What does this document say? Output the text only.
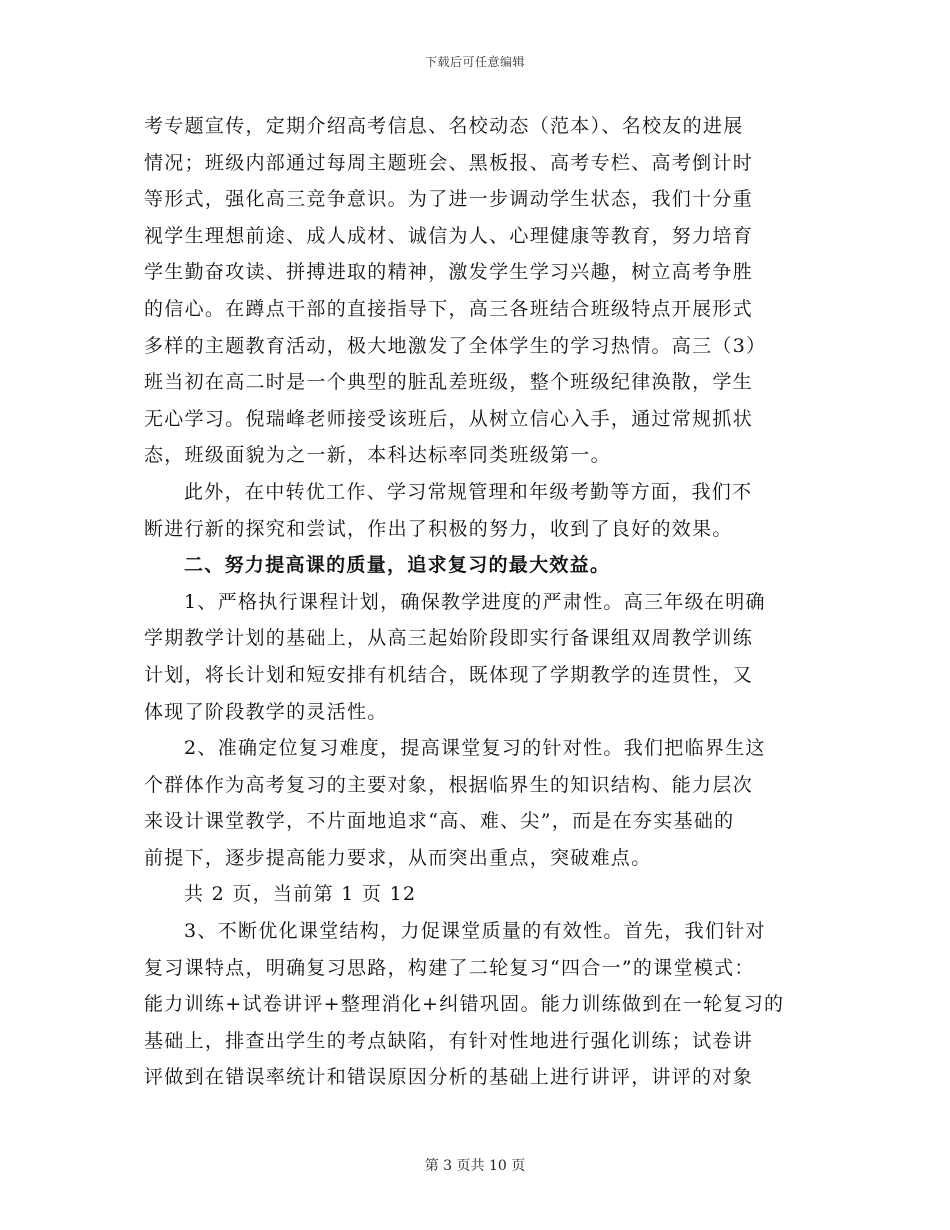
下载后可任意编辑
考专题宣传，定期介绍高考信息、名校动态（范本）、名校友的进展
情况；班级内部通过每周主题班会、黑板报、高考专栏、高考倒计时
等形式，强化高三竞争意识。为了进一步调动学生状态，我们十分重
视学生理想前途、成人成材、诚信为人、心理健康等教育，努力培育
学生勤奋攻读、拼搏进取的精神，激发学生学习兴趣，树立高考争胜
的信心。在蹲点干部的直接指导下，高三各班结合班级特点开展形式
多样的主题教育活动，极大地激发了全体学生的学习热情。高三（3）
班当初在高二时是一个典型的脏乱差班级，整个班级纪律涣散，学生
无心学习。倪瑞峰老师接受该班后，从树立信心入手，通过常规抓状
态，班级面貌为之一新，本科达标率同类班级第一。
此外，在中转优工作、学习常规管理和年级考勤等方面，我们不
断进行新的探究和尝试，作出了积极的努力，收到了良好的效果。
二、努力提高课的质量，追求复习的最大效益。
1、严格执行课程计划，确保教学进度的严肃性。高三年级在明确
学期教学计划的基础上，从高三起始阶段即实行备课组双周教学训练
计划，将长计划和短安排有机结合，既体现了学期教学的连贯性，又
体现了阶段教学的灵活性。
2、准确定位复习难度，提高课堂复习的针对性。我们把临界生这
个群体作为高考复习的主要对象，根据临界生的知识结构、能力层次
来设计课堂教学，不片面地追求“高、难、尖”，而是在夯实基础的
前提下，逐步提高能力要求，从而突出重点，突破难点。
共 2 页，当前第 1 页 12
3、不断优化课堂结构，力促课堂质量的有效性。首先，我们针对
复习课特点，明确复习思路，构建了二轮复习“四合一”的课堂模式：
能力训练+试卷讲评+整理消化+纠错巩固。能力训练做到在一轮复习的
基础上，排查出学生的考点缺陷，有针对性地进行强化训练；试卷讲
评做到在错误率统计和错误原因分析的基础上进行讲评，讲评的对象
第 3 页共 10 页
